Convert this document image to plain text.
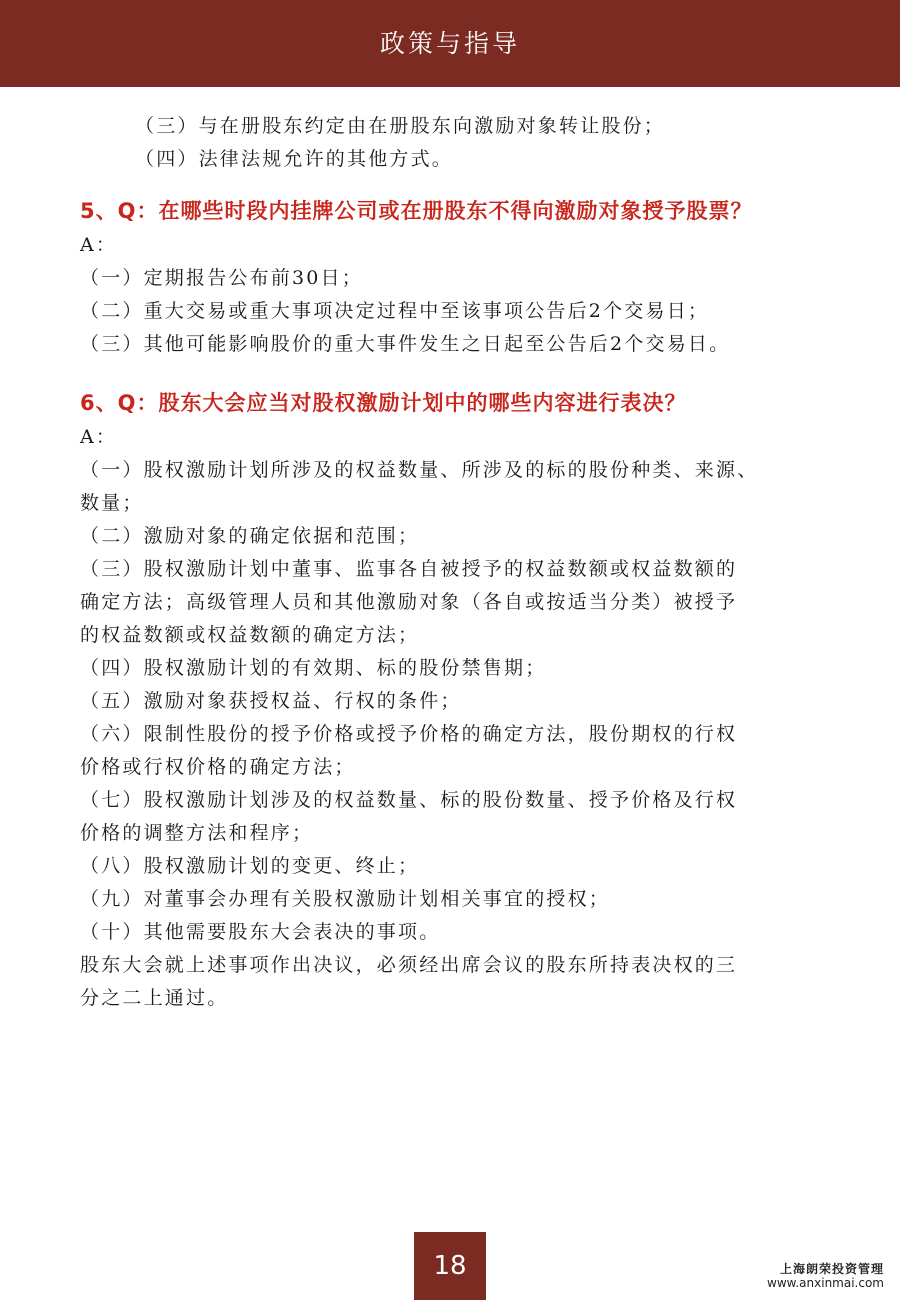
政策与指导
（三）与在册股东约定由在册股东向激励对象转让股份；
（四）法律法规允许的其他方式。
5、Q：在哪些时段内挂牌公司或在册股东不得向激励对象授予股票？
A：
（一）定期报告公布前30日；
（二）重大交易或重大事项决定过程中至该事项公告后2个交易日；
（三）其他可能影响股价的重大事件发生之日起至公告后2个交易日。
6、Q：股东大会应当对股权激励计划中的哪些内容进行表决？
A：
（一）股权激励计划所涉及的权益数量、所涉及的标的股份种类、来源、
数量；
（二）激励对象的确定依据和范围；
（三）股权激励计划中董事、监事各自被授予的权益数额或权益数额的
确定方法；高级管理人员和其他激励对象（各自或按适当分类）被授予
的权益数额或权益数额的确定方法；
（四）股权激励计划的有效期、标的股份禁售期；
（五）激励对象获授权益、行权的条件；
（六）限制性股份的授予价格或授予价格的确定方法，股份期权的行权
价格或行权价格的确定方法；
（七）股权激励计划涉及的权益数量、标的股份数量、授予价格及行权
价格的调整方法和程序；
（八）股权激励计划的变更、终止；
（九）对董事会办理有关股权激励计划相关事宜的授权；
（十）其他需要股东大会表决的事项。
股东大会就上述事项作出决议，必须经出席会议的股东所持表决权的三
分之二上通过。
18	上海朗荣投资管理
www.anxinmai.com
